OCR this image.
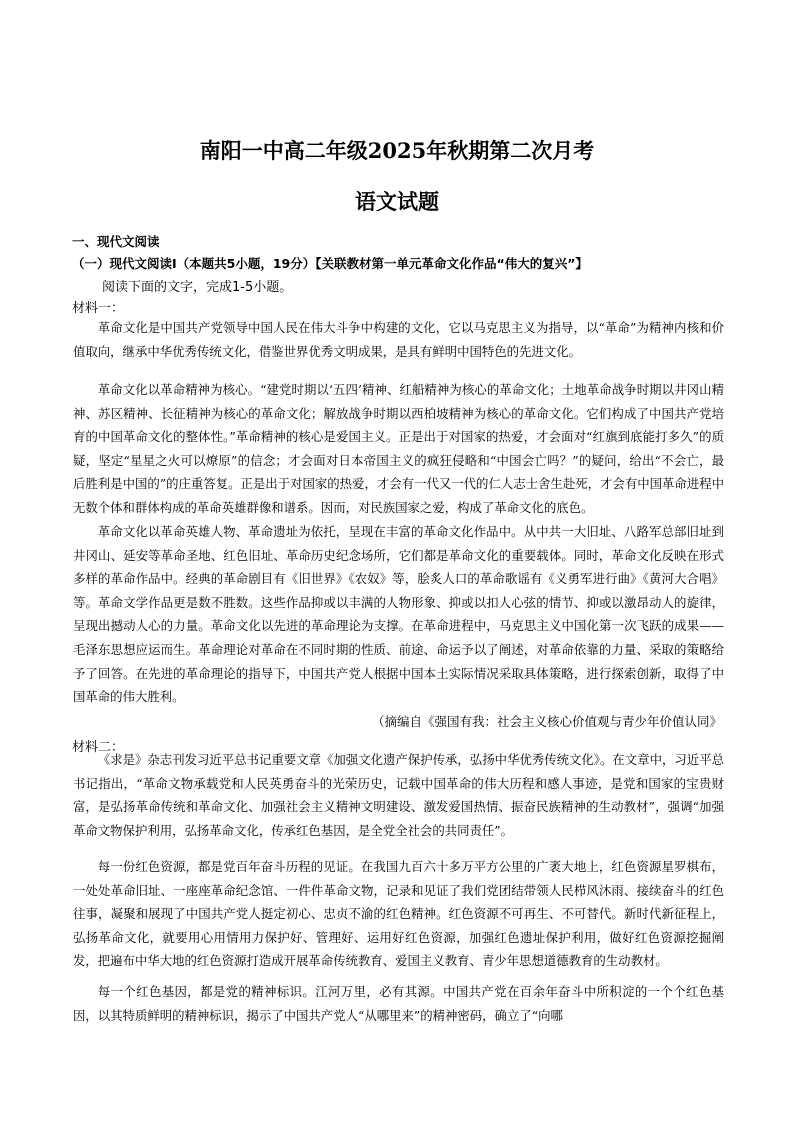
南阳一中高二年级2025年秋期第二次月考
语文试题
一、现代文阅读
（一）现代文阅读Ⅰ（本题共5小题，19分）【关联教材第一单元革命文化作品“伟大的复兴”】
阅读下面的文字，完成1-5小题。
材料一：

革命文化是中国共产党领导中国人民在伟大斗争中构建的文化，它以马克思主义为指导，以“革命”为精神内核和价值取向，继承中华优秀传统文化，借鉴世界优秀文明成果，是具有鲜明中国特色的先进文化。

革命文化以革命精神为核心。“建党时期以‘五四’精神、红船精神为核心的革命文化；土地革命战争时期以井冈山精神、苏区精神、长征精神为核心的革命文化；解放战争时期以西柏坡精神为核心的革命文化。它们构成了中国共产党培育的中国革命文化的整体性。”革命精神的核心是爱国主义。正是出于对国家的热爱，才会面对“红旗到底能打多久”的质疑，坚定“星星之火可以燎原”的信念；才会面对日本帝国主义的疯狂侵略和“中国会亡吗？”的疑问，给出“不会亡，最后胜利是中国的”的庄重答复。正是出于对国家的热爱，才会有一代又一代的仁人志士舍生赴死，才会有中国革命进程中无数个体和群体构成的革命英雄群像和谱系。因而，对民族国家之爱，构成了革命文化的底色。

革命文化以革命英雄人物、革命遗址为依托，呈现在丰富的革命文化作品中。从中共一大旧址、八路军总部旧址到井冈山、延安等革命圣地、红色旧址、革命历史纪念场所，它们都是革命文化的重要载体。同时，革命文化反映在形式多样的革命作品中。经典的革命剧目有《旧世界》《农奴》等，脍炙人口的革命歌谣有《义勇军进行曲》《黄河大合唱》等。革命文学作品更是数不胜数。这些作品抑或以丰满的人物形象、抑或以扣人心弦的情节、抑或以激昂动人的旋律，呈现出撼动人心的力量。革命文化以先进的革命理论为支撑。在革命进程中，马克思主义中国化第一次飞跃的成果——毛泽东思想应运而生。革命理论对革命在不同时期的性质、前途、命运予以了阐述，对革命依靠的力量、采取的策略给予了回答。在先进的革命理论的指导下，中国共产党人根据中国本土实际情况采取具体策略，进行探索创新，取得了中国革命的伟大胜利。

（摘编自《强国有我：社会主义核心价值观与青少年价值认同》
材料二：

《求是》杂志刊发习近平总书记重要文章《加强文化遗产保护传承，弘扬中华优秀传统文化》。在文章中，习近平总书记指出，“革命文物承载党和人民英勇奋斗的光荣历史，记载中国革命的伟大历程和感人事迹，是党和国家的宝贵财富，是弘扬革命传统和革命文化、加强社会主义精神文明建设、激发爱国热情、振奋民族精神的生动教材”，强调“加强革命文物保护利用，弘扬革命文化，传承红色基因，是全党全社会的共同责任”。

每一份红色资源，都是党百年奋斗历程的见证。在我国九百六十多万平方公里的广袤大地上，红色资源星罗棋布，一处处革命旧址、一座座革命纪念馆、一件件革命文物，记录和见证了我们党团结带领人民栉风沐雨、接续奋斗的红色往事，凝聚和展现了中国共产党人挺定初心、忠贞不渝的红色精神。红色资源不可再生、不可替代。新时代新征程上，弘扬革命文化，就要用心用情用力保护好、管理好、运用好红色资源，加强红色遗址保护利用，做好红色资源挖掘阐发，把遍布中华大地的红色资源打造成开展革命传统教育、爱国主义教育、青少年思想道德教育的生动教材。

每一个红色基因，都是党的精神标识。江河万里，必有其源。中国共产党在百余年奋斗中所积淀的一个个红色基因，以其特质鲜明的精神标识，揭示了中国共产党人“从哪里来”的精神密码，确立了“向哪
